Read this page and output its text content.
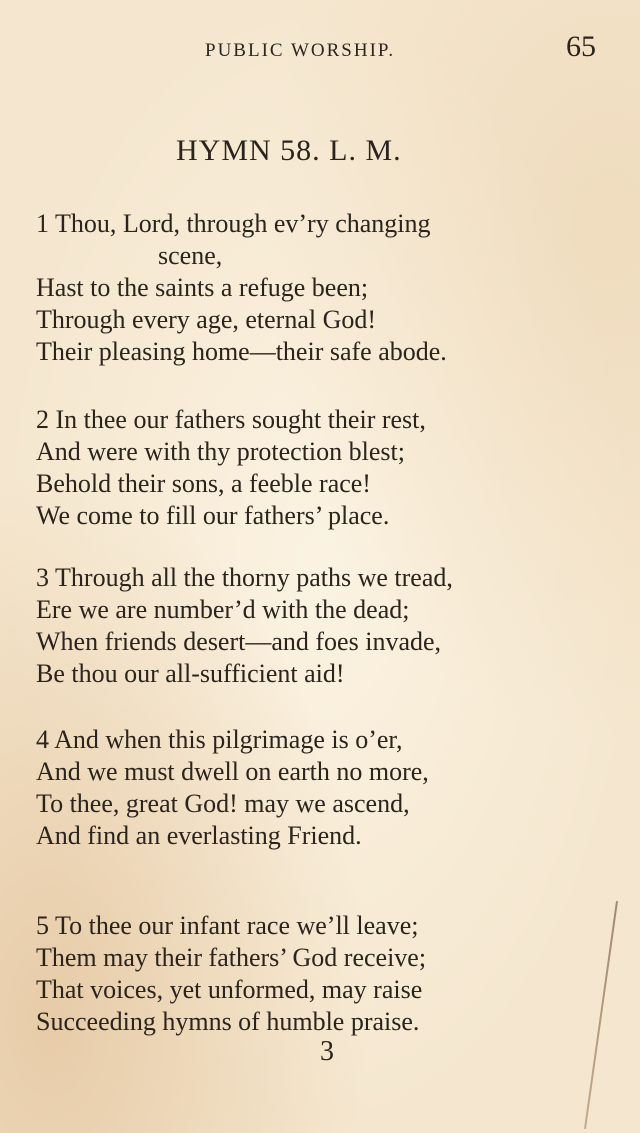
PUBLIC WORSHIP.	65
HYMN 58. L. M.
1 Thou, Lord, through ev’ry changing
scene,
Hast to the saints a refuge been;
Through every age, eternal God!
Their pleasing home—their safe abode.
2 In thee our fathers sought their rest,
And were with thy protection blest;
Behold their sons, a feeble race!
We come to fill our fathers’ place.
3 Through all the thorny paths we tread,
Ere we are number’d with the dead;
When friends desert—and foes invade,
Be thou our all-sufficient aid!
4 And when this pilgrimage is o’er,
And we must dwell on earth no more,
To thee, great God! may we ascend,
And find an everlasting Friend.
5 To thee our infant race we’ll leave;
Them may their fathers’ God receive;
That voices, yet unformed, may raise
Succeeding hymns of humble praise.
3
